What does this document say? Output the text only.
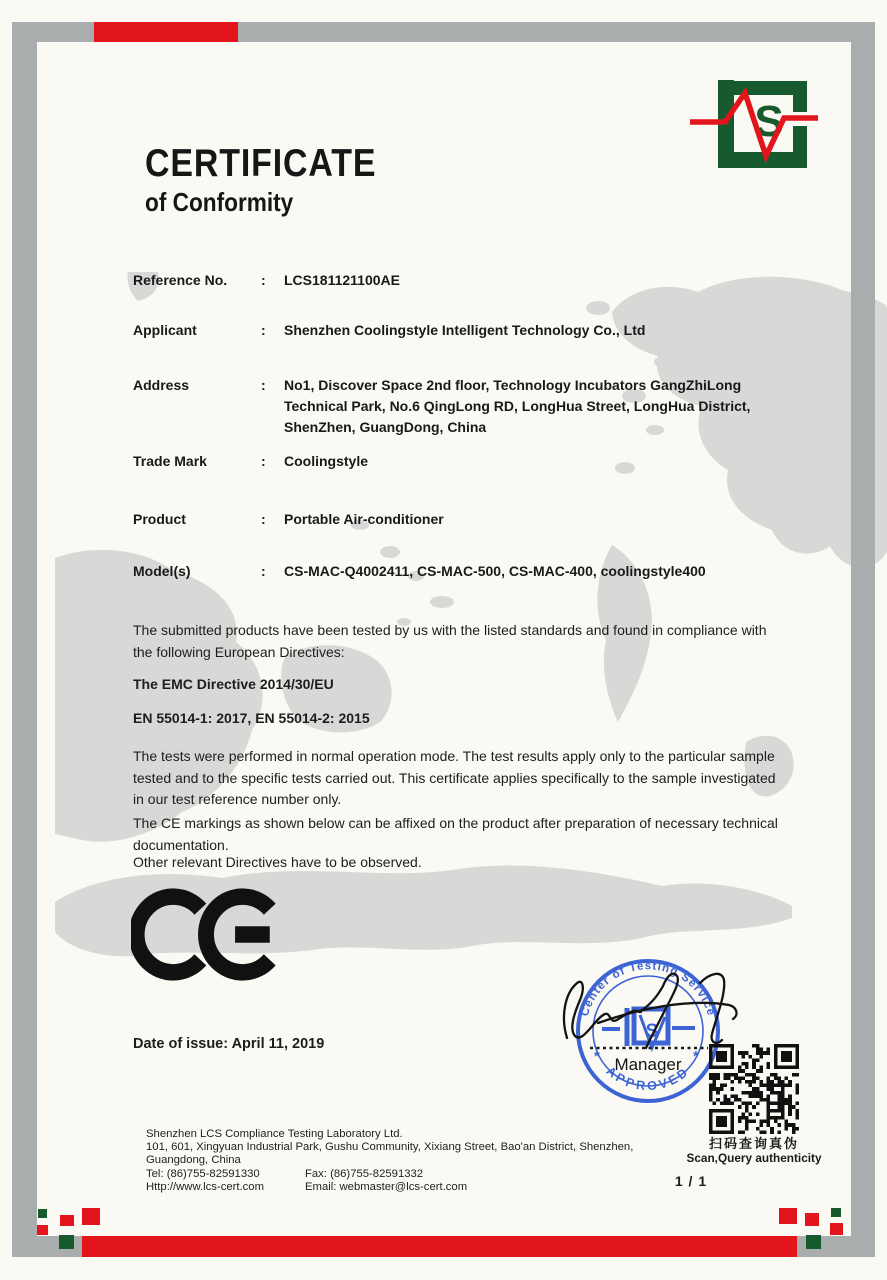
S
CERTIFICATE
of Conformity
Reference No.	:	LCS181121100AE
Applicant	:	Shenzhen Coolingstyle Intelligent Technology Co., Ltd
Address	:	No1, Discover Space 2nd floor, Technology Incubators GangZhiLong Technical Park, No.6 QingLong RD, LongHua Street, LongHua District, ShenZhen, GuangDong, China
Trade Mark	:	Coolingstyle
Product	:	Portable Air-conditioner
Model(s)	:	CS-MAC-Q4002411, CS-MAC-500, CS-MAC-400, coolingstyle400
The submitted products have been tested by us with the listed standards and found in compliance with the following European Directives:
The EMC Directive 2014/30/EU
EN 55014-1: 2017, EN 55014-2: 2015
The tests were performed in normal operation mode. The test results apply only to the particular sample tested and to the specific tests carried out. This certificate applies specifically to the sample investigated in our test reference number only.
The CE markings as shown below can be affixed on the product after preparation of necessary technical documentation.
Other relevant Directives have to be observed.
Date of issue: April 11, 2019
Center of Testing Service
APPROVED
*	*
S
Manager
扫码查询真伪
Scan,Query authenticity
Shenzhen LCS Compliance Testing Laboratory Ltd.
101, 601, Xingyuan Industrial Park, Gushu Community, Xixiang Street, Bao'an District, Shenzhen,
Guangdong, China
Tel: (86)755-82591330	Fax: (86)755-82591332
Http://www.lcs-cert.com	Email: webmaster@lcs-cert.com	1 / 1
